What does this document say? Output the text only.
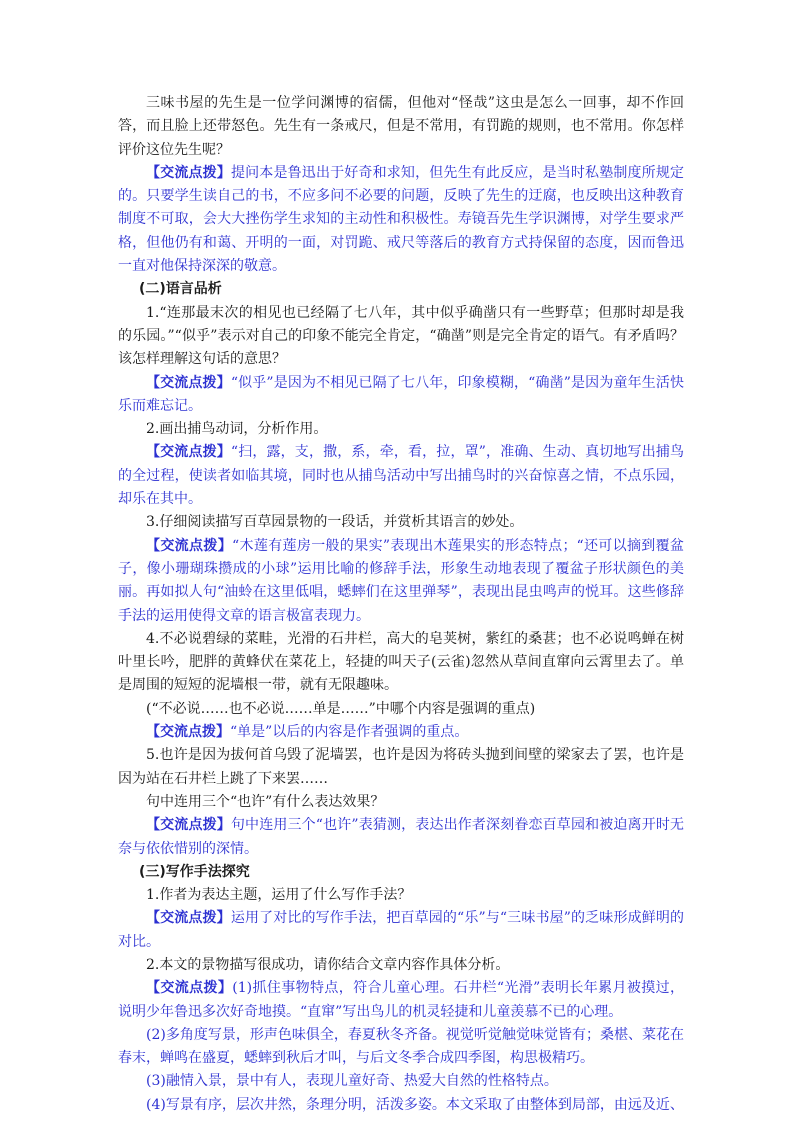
三味书屋的先生是一位学问渊博的宿儒，但他对“怪哉”这虫是怎么一回事，却不作回答，而且脸上还带怒色。先生有一条戒尺，但是不常用，有罚跪的规则，也不常用。你怎样评价这位先生呢？

【交流点拨】提问本是鲁迅出于好奇和求知，但先生有此反应，是当时私塾制度所规定的。只要学生读自己的书，不应多问不必要的问题，反映了先生的迂腐，也反映出这种教育制度不可取，会大大挫伤学生求知的主动性和积极性。寿镜吾先生学识渊博，对学生要求严格，但他仍有和蔼、开明的一面，对罚跪、戒尺等落后的教育方式持保留的态度，因而鲁迅一直对他保持深深的敬意。

(二)语言品析

1.“连那最末次的相见也已经隔了七八年，其中似乎确凿只有一些野草；但那时却是我的乐园。”“似乎”表示对自己的印象不能完全肯定，“确凿”则是完全肯定的语气。有矛盾吗？该怎样理解这句话的意思？

【交流点拨】“似乎”是因为不相见已隔了七八年，印象模糊，“确凿”是因为童年生活快乐而难忘记。

2.画出捕鸟动词，分析作用。

【交流点拨】“扫，露，支，撒，系，牵，看，拉，罩”，准确、生动、真切地写出捕鸟的全过程，使读者如临其境，同时也从捕鸟活动中写出捕鸟时的兴奋惊喜之情，不点乐园，却乐在其中。

3.仔细阅读描写百草园景物的一段话，并赏析其语言的妙处。

【交流点拨】“木莲有莲房一般的果实”表现出木莲果实的形态特点；“还可以摘到覆盆子，像小珊瑚珠攒成的小球”运用比喻的修辞手法，形象生动地表现了覆盆子形状颜色的美丽。再如拟人句“油蛉在这里低唱，蟋蟀们在这里弹琴”，表现出昆虫鸣声的悦耳。这些修辞手法的运用使得文章的语言极富表现力。

4.不必说碧绿的菜畦，光滑的石井栏，高大的皂荚树，紫红的桑葚；也不必说鸣蝉在树叶里长吟，肥胖的黄蜂伏在菜花上，轻捷的叫天子(云雀)忽然从草间直窜向云霄里去了。单是周围的短短的泥墙根一带，就有无限趣味。

(“不必说……也不必说……单是……”中哪个内容是强调的重点)

【交流点拨】“单是”以后的内容是作者强调的重点。

5.也许是因为拔何首乌毁了泥墙罢，也许是因为将砖头抛到间壁的梁家去了罢，也许是因为站在石井栏上跳了下来罢……

句中连用三个“也许”有什么表达效果？

【交流点拨】句中连用三个“也许”表猜测，表达出作者深刻眷恋百草园和被迫离开时无奈与依依惜别的深情。

(三)写作手法探究

1.作者为表达主题，运用了什么写作手法？

【交流点拨】运用了对比的写作手法，把百草园的“乐”与“三味书屋”的乏味形成鲜明的对比。

2.本文的景物描写很成功，请你结合文章内容作具体分析。

【交流点拨】(1)抓住事物特点，符合儿童心理。石井栏“光滑”表明长年累月被摸过，说明少年鲁迅多次好奇地摸。“直窜”写出鸟儿的机灵轻捷和儿童羡慕不已的心理。

(2)多角度写景，形声色味俱全，春夏秋冬齐备。视觉听觉触觉味觉皆有；桑椹、菜花在春末，蝉鸣在盛夏，蟋蟀到秋后才叫，与后文冬季合成四季图，构思极精巧。

(3)融情入景，景中有人，表现儿童好奇、热爱大自然的性格特点。

(4)写景有序，层次井然，条理分明，活泼多姿。本文采取了由整体到局部，由远及近、
